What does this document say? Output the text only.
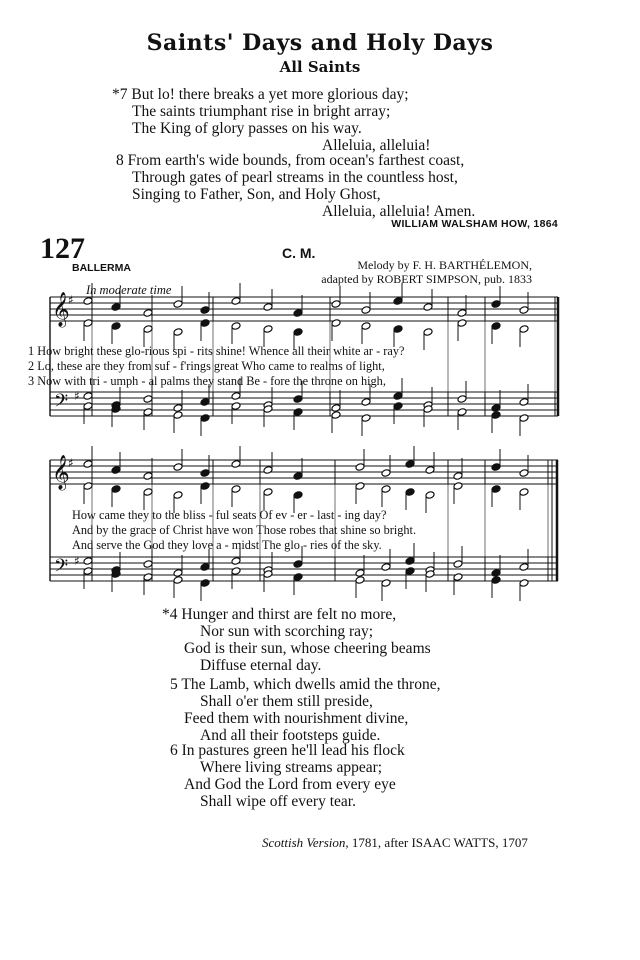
Saints' Days and Holy Days
All Saints
*7 But lo! there breaks a yet more glorious day;
The saints triumphant rise in bright array;
The King of glory passes on his way.
Alleluia, alleluia!
8 From earth's wide bounds, from ocean's farthest coast,
Through gates of pearl streams in the countless host,
Singing to Father, Son, and Holy Ghost,
Alleluia, alleluia! Amen.
WILLIAM WALSHAM HOW, 1864
127	C. M.
BALLERMA	Melody by F. H. BARTHÉLEMON,
adapted by ROBERT SIMPSON, pub. 1833
In moderate time
𝄞
𝄢
𝄞
𝄢
♯
♯
♯
♯
1 How bright these glo-rious spi - rits shine! Whence all their white ar - ray?
2 Lo, these are they from suf - f'rings great Who came to realms of light,
3 Now with tri - umph - al palms they stand Be - fore the throne on high,
How came they to the bliss - ful seats Of ev - er - last - ing day?
And by the grace of Christ have won Those robes that shine so bright.
And serve the God they love a - midst The glo - ries of the sky.
*4 Hunger and thirst are felt no more,
Nor sun with scorching ray;
God is their sun, whose cheering beams
Diffuse eternal day.
5 The Lamb, which dwells amid the throne,
Shall o'er them still preside,
Feed them with nourishment divine,
And all their footsteps guide.
6 In pastures green he'll lead his flock
Where living streams appear;
And God the Lord from every eye
Shall wipe off every tear.
Scottish Version, 1781, after ISAAC WATTS, 1707
